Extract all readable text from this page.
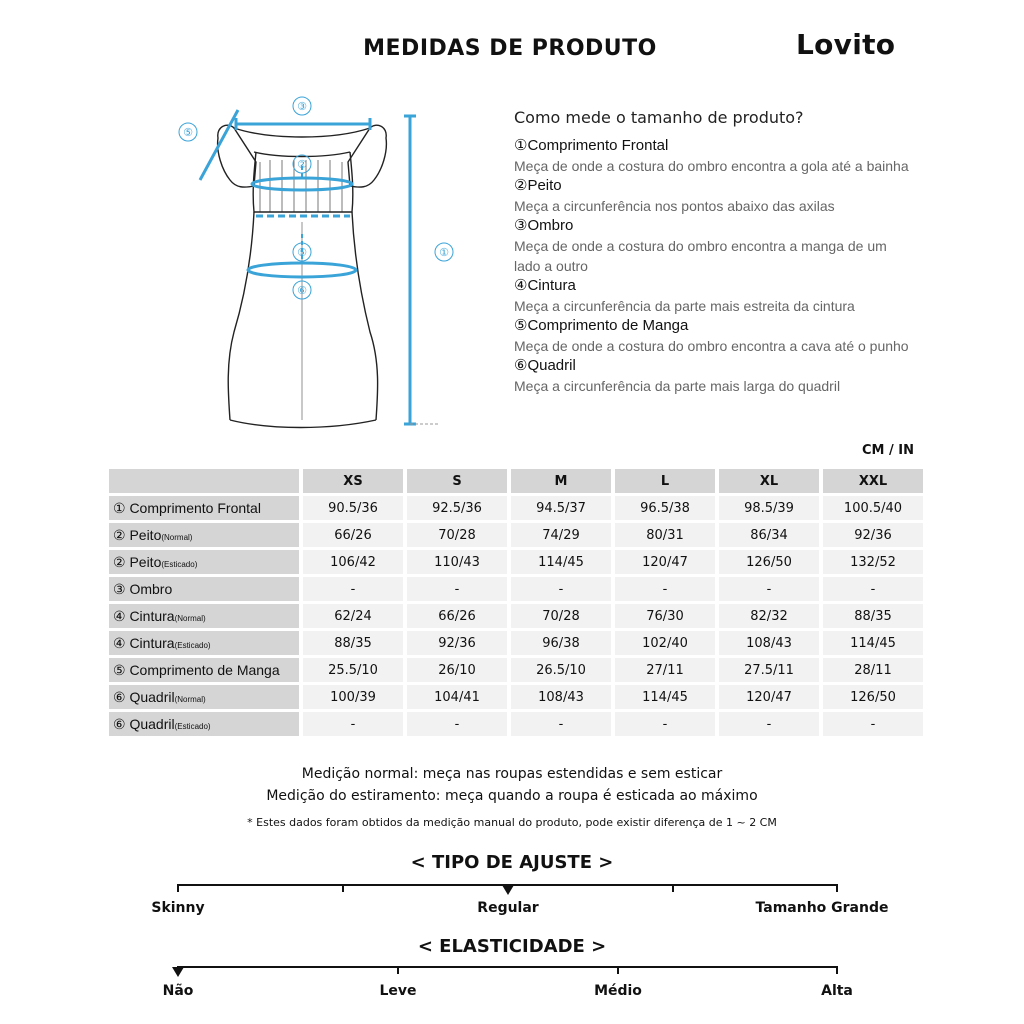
MEDIDAS DE PRODUTO	Lovito
③
⑤
②
⑤
⑥
①
Como mede o tamanho de produto?
①Comprimento Frontal
Meça de onde a costura do ombro encontra a gola até a bainha
②Peito
Meça a circunferência nos pontos abaixo das axilas
③Ombro
Meça de onde a costura do ombro encontra a manga de um lado a outro
④Cintura
Meça a circunferência da parte mais estreita da cintura
⑤Comprimento de Manga
Meça de onde a costura do ombro encontra a cava até o punho
⑥Quadril
Meça a circunferência da parte mais larga do quadril
CM / IN
	XS	S	M	L	XL	XXL
① Comprimento Frontal	90.5/36	92.5/36	94.5/37	96.5/38	98.5/39	100.5/40
② Peito(Normal)	66/26	70/28	74/29	80/31	86/34	92/36
② Peito(Esticado)	106/42	110/43	114/45	120/47	126/50	132/52
③ Ombro	-	-	-	-	-	-
④ Cintura(Normal)	62/24	66/26	70/28	76/30	82/32	88/35
④ Cintura(Esticado)	88/35	92/36	96/38	102/40	108/43	114/45
⑤ Comprimento de Manga	25.5/10	26/10	26.5/10	27/11	27.5/11	28/11
⑥ Quadril(Normal)	100/39	104/41	108/43	114/45	120/47	126/50
⑥ Quadril(Esticado)	-	-	-	-	-	-
Medição normal: meça nas roupas estendidas e sem esticar
Medição do estiramento: meça quando a roupa é esticada ao máximo
* Estes dados foram obtidos da medição manual do produto, pode existir diferença de 1 ~ 2 CM
< TIPO DE AJUSTE >
Skinny	Regular	Tamanho Grande
< ELASTICIDADE >
Não	Leve	Médio	Alta
